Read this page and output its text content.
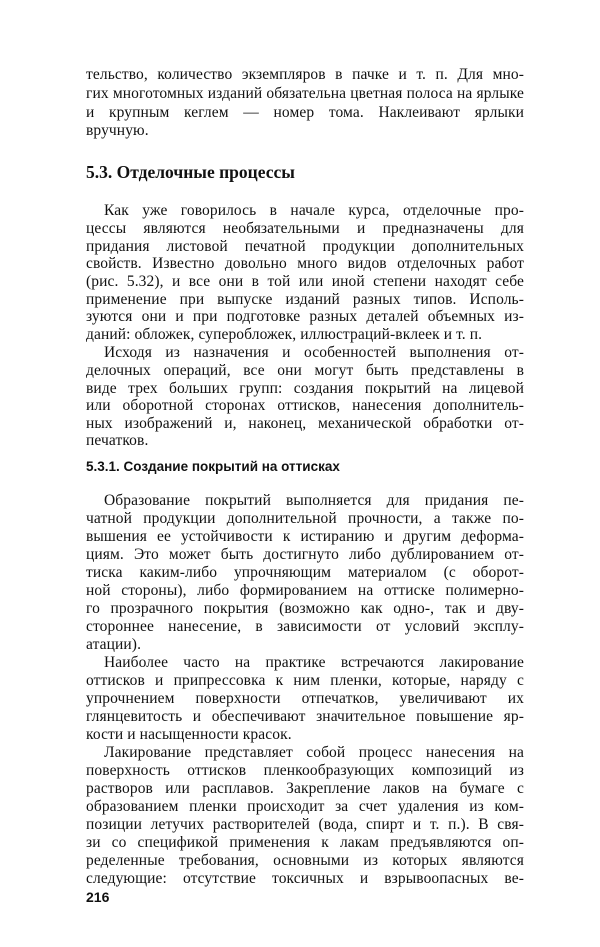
тельство, количество экземпляров в пачке и т. п. Для мно-
гих многотомных изданий обязательна цветная полоса на ярлыке
и крупным кеглем — номер тома. Наклеивают ярлыки
вручную.
5.3. Отделочные процессы
Как уже говорилось в начале курса, отделочные про-
цессы являются необязательными и предназначены для
придания листовой печатной продукции дополнительных
свойств. Известно довольно много видов отделочных работ
(рис. 5.32), и все они в той или иной степени находят себе
применение при выпуске изданий разных типов. Исполь-
зуются они и при подготовке разных деталей объемных из-
даний: обложек, суперобложек, иллюстраций-вклеек и т. п.
Исходя из назначения и особенностей выполнения от-
делочных операций, все они могут быть представлены в
виде трех больших групп: создания покрытий на лицевой
или оборотной сторонах оттисков, нанесения дополнитель-
ных изображений и, наконец, механической обработки от-
печатков.
5.3.1. Создание покрытий на оттисках
Образование покрытий выполняется для придания пе-
чатной продукции дополнительной прочности, а также по-
вышения ее устойчивости к истиранию и другим деформа-
циям. Это может быть достигнуто либо дублированием от-
тиска каким-либо упрочняющим материалом (с оборот-
ной стороны), либо формированием на оттиске полимерно-
го прозрачного покрытия (возможно как одно-, так и дву-
стороннее нанесение, в зависимости от условий эксплу-
атации).
Наиболее часто на практике встречаются лакирование
оттисков и припрессовка к ним пленки, которые, наряду с
упрочнением поверхности отпечатков, увеличивают их
глянцевитость и обеспечивают значительное повышение яр-
кости и насыщенности красок.
Лакирование представляет собой процесс нанесения на
поверхность оттисков пленкообразующих композиций из
растворов или расплавов. Закрепление лаков на бумаге с
образованием пленки происходит за счет удаления из ком-
позиции летучих растворителей (вода, спирт и т. п.). В свя-
зи со спецификой применения к лакам предъявляются оп-
ределенные требования, основными из которых являются
следующие: отсутствие токсичных и взрывоопасных ве-
216
